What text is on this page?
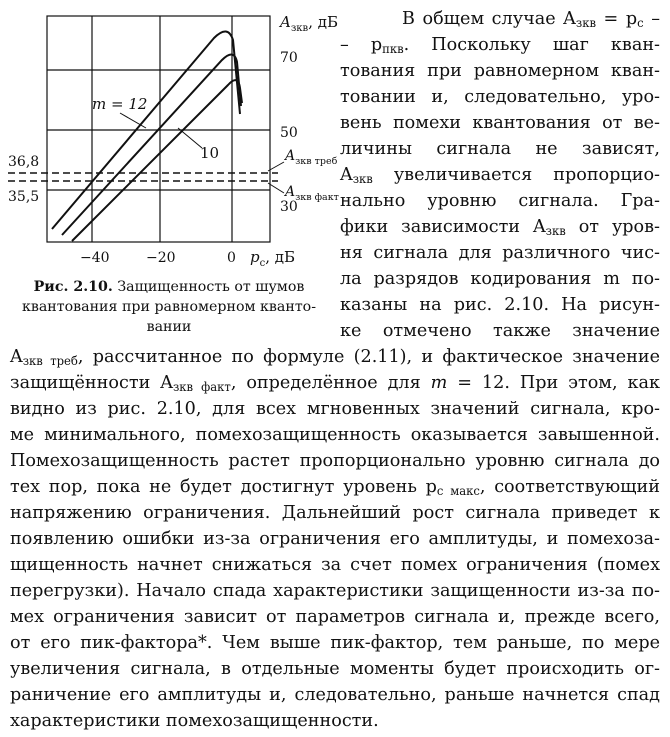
$A_{зкв}$, дБ
70
50
30
36,8
35,5
$A_{зкв треб}$
$A_{зкв факт}$
m = 12
10
−40	−20	0 $p_с$, дБ
Рис. 2.10. Защищенность от шумов
квантования при равномерном кванто-
вании
В общем случае $A_{зкв} = p_с$ –
– $p_{пкв}$. Поскольку шаг кван-
тования при равномерном кван-
товании и, следовательно, уро-
вень помехи квантования от ве-
личины сигнала не зависят,
$A_{зкв}$ увеличивается пропорцио-
нально уровню сигнала. Гра-
фики зависимости $A_{зкв}$ от уров-
ня сигнала для различного чис-
ла разрядов кодирования m по-
казаны на рис. 2.10. На рисун-
ке отмечено также значение
$A_{зкв треб}$, рассчитанное по формуле (2.11), и фактическое значение
защищённости $A_{зкв факт}$, определённое для m = 12. При этом, как
видно из рис. 2.10, для всех мгновенных значений сигнала, кро-
ме минимального, помехозащищенность оказывается завышенной.
Помехозащищенность растет пропорционально уровню сигнала до
тех пор, пока не будет достигнут уровень $p_{с макс}$, соответствующий
напряжению ограничения. Дальнейший рост сигнала приведет к
появлению ошибки из-за ограничения его амплитуды, и помехоза-
щищенность начнет снижаться за счет помех ограничения (помех
перегрузки). Начало спада характеристики защищенности из-за по-
мех ограничения зависит от параметров сигнала и, прежде всего,
от его пик-фактора*. Чем выше пик-фактор, тем раньше, по мере
увеличения сигнала, в отдельные моменты будет происходить ог-
раничение его амплитуды и, следовательно, раньше начнется спад
характеристики помехозащищенности.
